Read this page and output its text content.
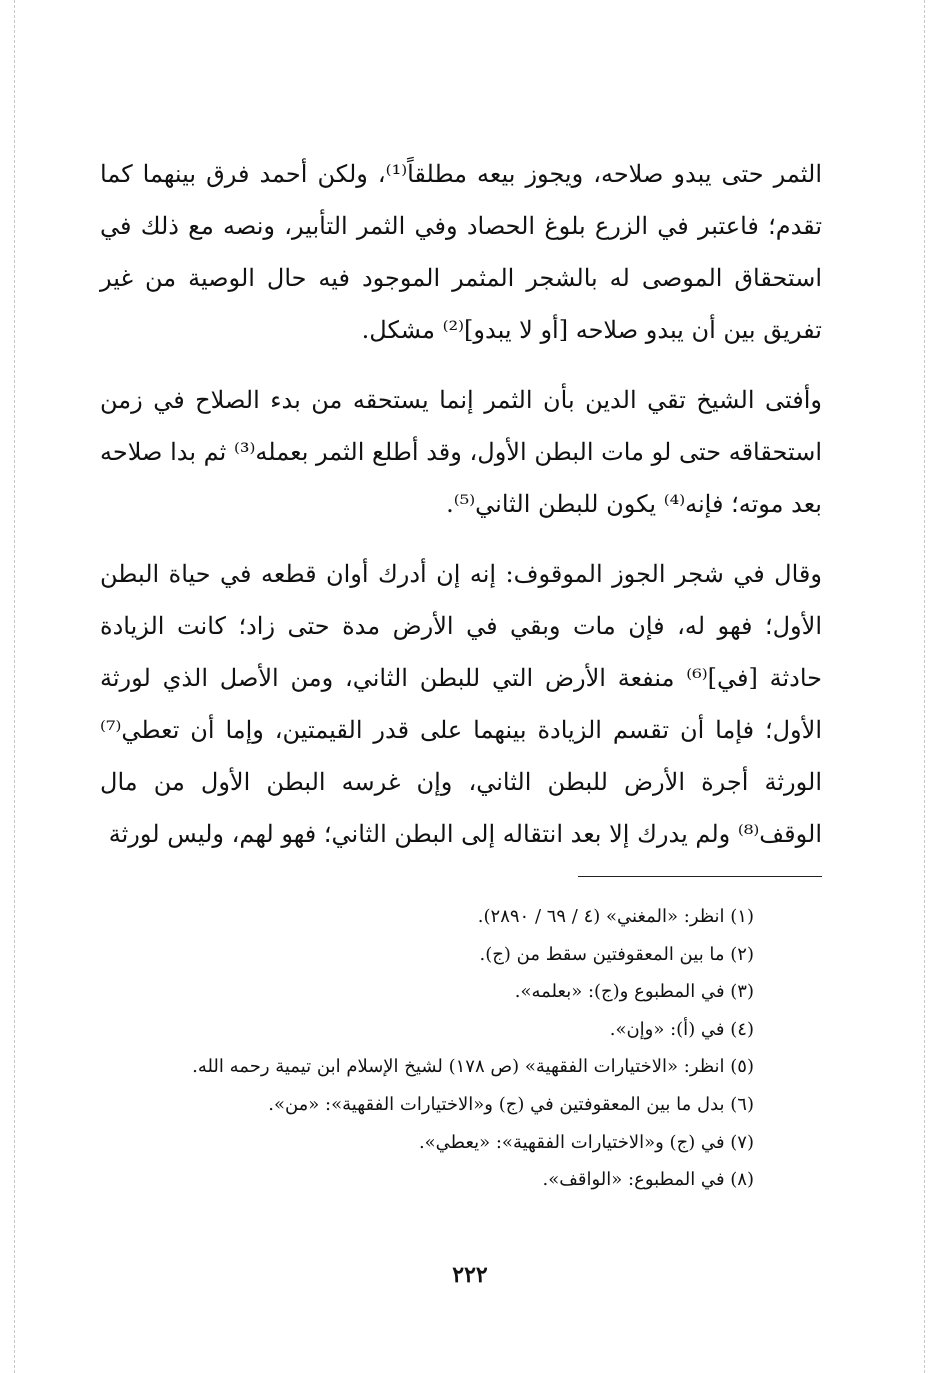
الثمر حتى يبدو صلاحه، ويجوز بيعه مطلقاً⁽¹⁾، ولكن أحمد فرق بينهما كما تقدم؛ فاعتبر في الزرع بلوغ الحصاد وفي الثمر التأبير، ونصه مع ذلك في استحقاق الموصى له بالشجر المثمر الموجود فيه حال الوصية من غير تفريق بين أن يبدو صلاحه [أو لا يبدو]⁽²⁾ مشكل.

وأفتى الشيخ تقي الدين بأن الثمر إنما يستحقه من بدء الصلاح في زمن استحقاقه حتى لو مات البطن الأول، وقد أطلع الثمر بعمله⁽³⁾ ثم بدا صلاحه بعد موته؛ فإنه⁽⁴⁾ يكون للبطن الثاني⁽⁵⁾.

وقال في شجر الجوز الموقوف: إنه إن أدرك أوان قطعه في حياة البطن الأول؛ فهو له، فإن مات وبقي في الأرض مدة حتى زاد؛ كانت الزيادة حادثة [في]⁽⁶⁾ منفعة الأرض التي للبطن الثاني، ومن الأصل الذي لورثة الأول؛ فإما أن تقسم الزيادة بينهما على قدر القيمتين، وإما أن تعطي⁽⁷⁾ الورثة أجرة الأرض للبطن الثاني، وإن غرسه البطن الأول من مال الوقف⁽⁸⁾ ولم يدرك إلا بعد انتقاله إلى البطن الثاني؛ فهو لهم، وليس لورثة

(١) انظر: «المغني» (٤ / ٦٩ / ٢٨٩٠).
(٢) ما بين المعقوفتين سقط من (ج).
(٣) في المطبوع و(ج): «بعلمه».
(٤) في (أ): «وإن».
(٥) انظر: «الاختيارات الفقهية» (ص ١٧٨) لشيخ الإسلام ابن تيمية رحمه الله.
(٦) بدل ما بين المعقوفتين في (ج) و«الاختيارات الفقهية»: «من».
(٧) في (ج) و«الاختيارات الفقهية»: «يعطي».
(٨) في المطبوع: «الواقف».
٢٢٢
